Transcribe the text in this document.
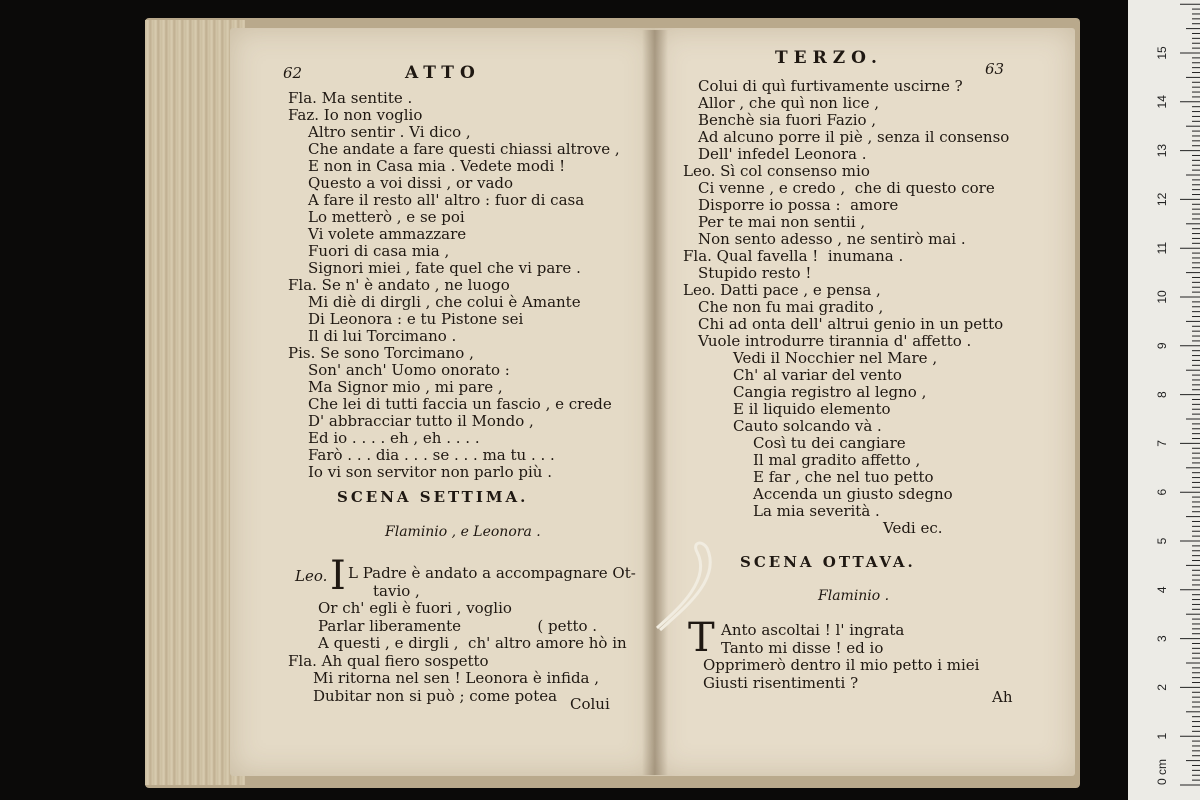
62	ATTO
Fla. Ma sentite .
Faz. Io non voglio
Altro sentir . Vi dico ,
Che andate a fare questi chiassi altrove ,
E non in Casa mia . Vedete modi !
Questo a voi dissi , or vado
A fare il resto all' altro : fuor di casa
Lo metterò , e se poi
Vi volete ammazzare
Fuori di casa mia ,
Signori miei , fate quel che vi pare .
Fla. Se n' è andato , ne luogo
Mi diè di dirgli , che colui è Amante
Di Leonora : e tu Pistone sei
Il di lui Torcimano .
Pis. Se sono Torcimano ,
Son' anch' Uomo onorato :
Ma Signor mio , mi pare ,
Che lei di tutti faccia un fascio , e crede
D' abbracciar tutto il Mondo ,
Ed io . . . . eh , eh . . . .
Farò . . . dia . . . se . . . ma tu . . .
Io vi son servitor non parlo più .
SCENA SETTIMA.
Flaminio , e Leonora .
Leo. I L Padre è andato a accompagnare Ot-
tavio ,
Or ch' egli è fuori , voglio
Parlar liberamente                ( petto .
A questi , e dirgli ,  ch' altro amore hò in
Fla. Ah qual fiero sospetto
Mi ritorna nel sen ! Leonora è infida ,
Dubitar non si può ; come potea Colui
TERZO.
63
Colui di quì furtivamente uscirne ?
Allor , che quì non lice ,
Benchè sia fuori Fazio ,
Ad alcuno porre il piè , senza il consenso
Dell' infedel Leonora .
Leo. Sì col consenso mio
Ci venne , e credo ,  che di questo core
Disporre io possa :  amore
Per te mai non sentii ,
Non sento adesso , ne sentirò mai .
Fla. Qual favella !  inumana .
Stupido resto !
Leo. Datti pace , e pensa ,
Che non fu mai gradito ,
Chi ad onta dell' altrui genio in un petto
Vuole introdurre tirannia d' affetto .
Vedi il Nocchier nel Mare ,
Ch' al variar del vento
Cangia registro al legno ,
E il liquido elemento
Cauto solcando và .
Così tu dei cangiare
Il mal gradito affetto ,
E far , che nel tuo petto
Accenda un giusto sdegno
La mia severità .
Vedi ec.
SCENA OTTAVA.
Flaminio .
T Anto ascoltai ! l' ingrata
Tanto mi disse ! ed io
Opprimerò dentro il mio petto i miei
Giusti risentimenti ?
Ah
0 cm
1
2
3
4
5
6
7
8
9
10
11
12
13
14
15
